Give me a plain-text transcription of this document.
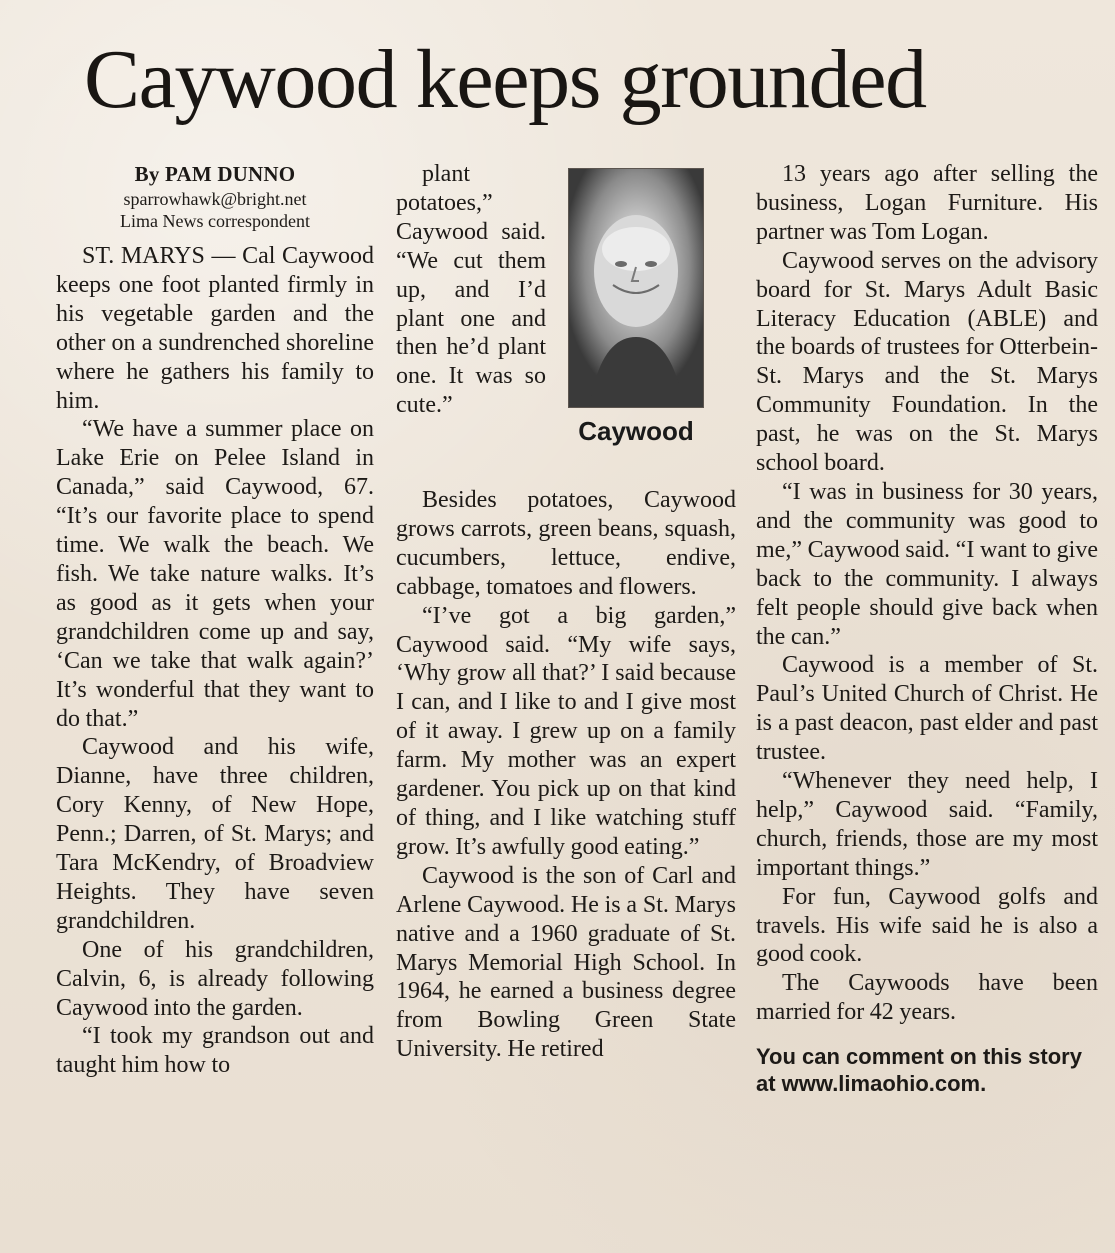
Caywood keeps grounded
By PAM DUNNO
sparrowhawk@bright.net
Lima News correspondent

ST. MARYS — Cal Caywood keeps one foot planted firmly in his vegetable garden and the other on a sundrenched shoreline where he gathers his family to him.

“We have a summer place on Lake Erie on Pelee Island in Canada,” said Caywood, 67. “It’s our favorite place to spend time. We walk the beach. We fish. We take nature walks. It’s as good as it gets when your grandchildren come up and say, ‘Can we take that walk again?’ It’s wonderful that they want to do that.”

Caywood and his wife, Dianne, have three children, Cory Kenny, of New Hope, Penn.; Darren, of St. Marys; and Tara McKendry, of Broadview Heights. They have seven grandchildren.

One of his grandchildren, Calvin, 6, is already following Caywood into the garden.

“I took my grandson out and taught him how to

plant potatoes,” Caywood said. “We cut them up, and I’d plant one and then he’d plant one. It was so cute.”

Caywood

Besides potatoes, Caywood grows carrots, green beans, squash, cucumbers, lettuce, endive, cabbage, tomatoes and flowers.

“I’ve got a big garden,” Caywood said. “My wife says, ‘Why grow all that?’ I said because I can, and I like to and I give most of it away. I grew up on a family farm. My mother was an expert gardener. You pick up on that kind of thing, and I like watching stuff grow. It’s awfully good eating.”

Caywood is the son of Carl and Arlene Caywood. He is a St. Marys native and a 1960 graduate of St. Marys Memorial High School. In 1964, he earned a business degree from Bowling Green State University. He retired

13 years ago after selling the business, Logan Furniture. His partner was Tom Logan.

Caywood serves on the advisory board for St. Marys Adult Basic Literacy Education (ABLE) and the boards of trustees for Otterbein-St. Marys and the St. Marys Community Foundation. In the past, he was on the St. Marys school board.

“I was in business for 30 years, and the community was good to me,” Caywood said. “I want to give back to the community. I always felt people should give back when the can.”

Caywood is a member of St. Paul’s United Church of Christ. He is a past deacon, past elder and past trustee.

“Whenever they need help, I help,” Caywood said. “Family, church, friends, those are my most important things.”

For fun, Caywood golfs and travels. His wife said he is also a good cook.

The Caywoods have been married for 42 years.

You can comment on this story at www.limaohio.com.
